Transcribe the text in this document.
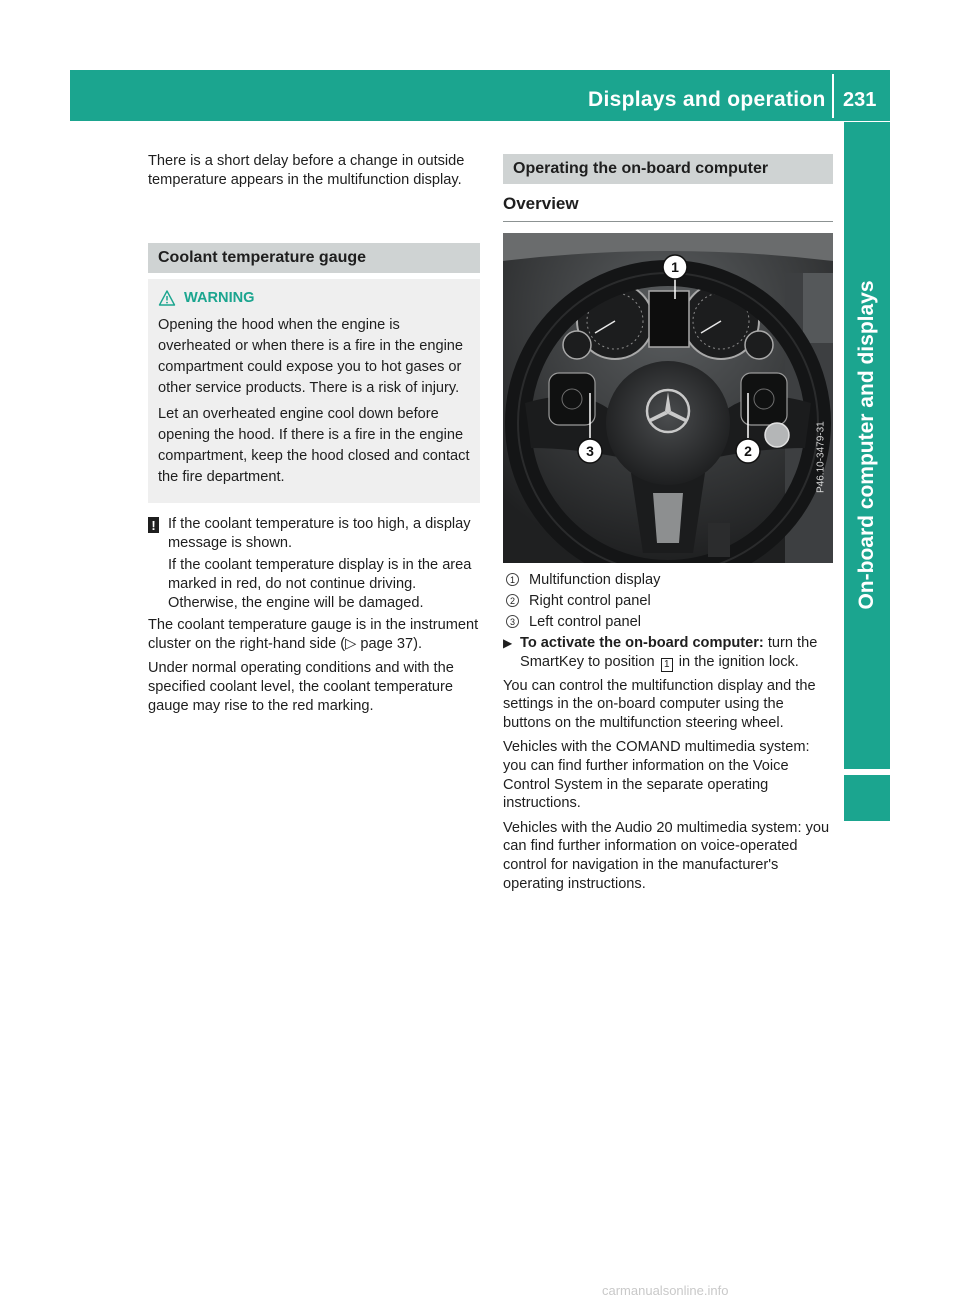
Displays and operation 231
On-board computer and displays

There is a short delay before a change in outside temperature appears in the multifunction display.

Coolant temperature gauge
WARNING

Opening the hood when the engine is overheated or when there is a fire in the engine compartment could expose you to hot gases or other service products. There is a risk of injury.

Let an overheated engine cool down before opening the hood. If there is a fire in the engine compartment, keep the hood closed and contact the fire department.

! If the coolant temperature is too high, a display message is shown.

If the coolant temperature display is in the area marked in red, do not continue driving. Otherwise, the engine will be damaged.

The coolant temperature gauge is in the instrument cluster on the right-hand side (▷ page 37).

Under normal operating conditions and with the specified coolant level, the coolant temperature gauge may rise to the red marking.

Operating the on-board computer
Overview
1
2
3	P46.10-3479-31
1 Multifunction display
2 Right control panel
3 Left control panel
▶ To activate the on-board computer: turn the SmartKey to position 1 in the ignition lock.

You can control the multifunction display and the settings in the on-board computer using the buttons on the multifunction steering wheel.

Vehicles with the COMAND multimedia system: you can find further information on the Voice Control System in the separate operating instructions.

Vehicles with the Audio 20 multimedia system: you can find further information on voice-operated control for navigation in the manufacturer's operating instructions.

carmanualsonline.info
